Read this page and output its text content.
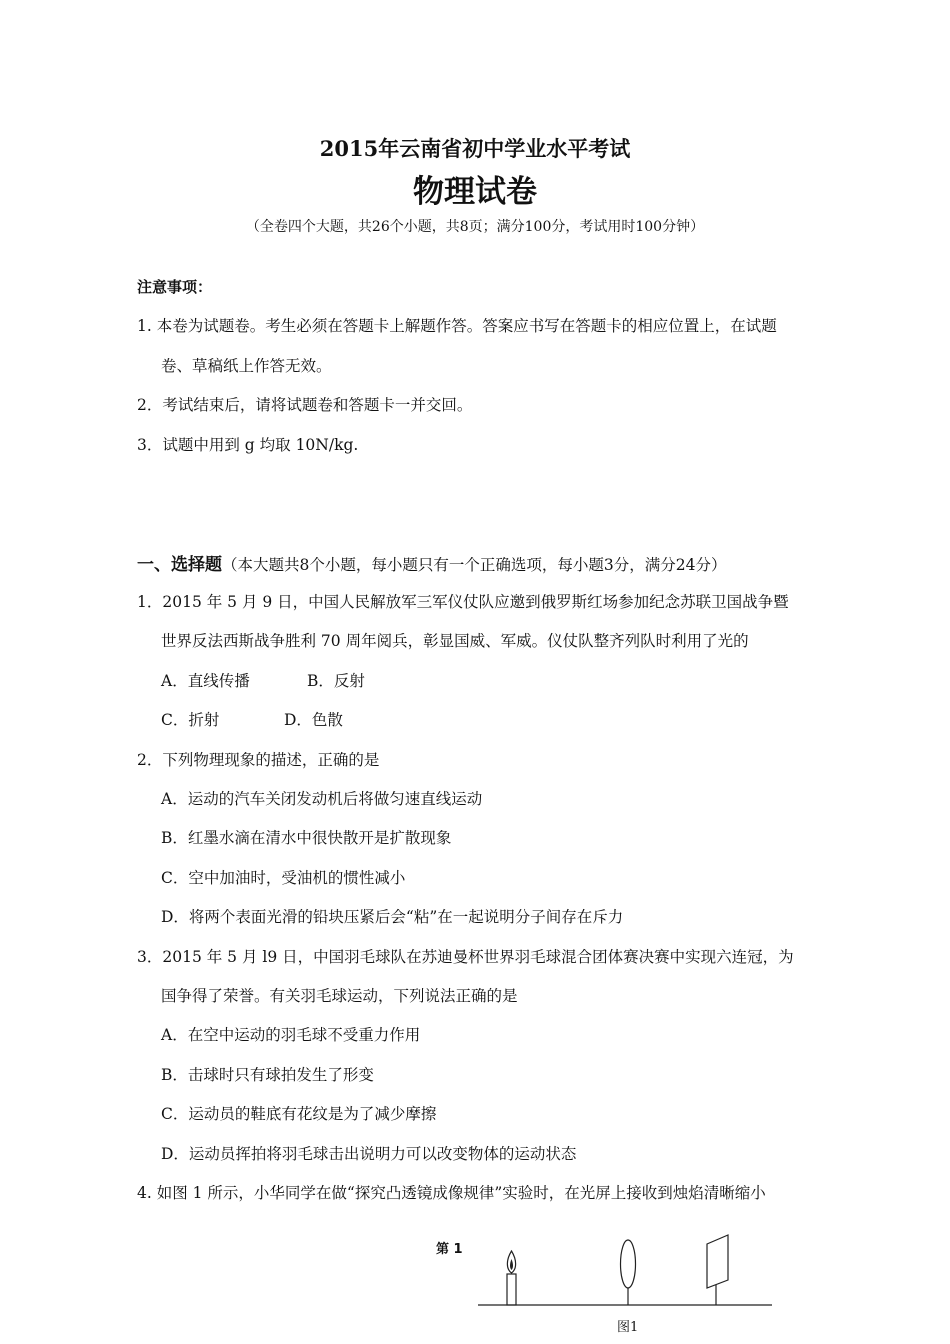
2015年云南省初中学业水平考试
物理试卷
（全卷四个大题，共26个小题，共8页；满分100分，考试用时100分钟）
注意事项：
1. 本卷为试题卷。考生必须在答题卡上解题作答。答案应书写在答题卡的相应位置上，在试题
卷、草稿纸上作答无效。
2．考试结束后，请将试题卷和答题卡一并交回。
3．试题中用到 g 均取 10N/kg.
一、选择题（本大题共8个小题，每小题只有一个正确选项，每小题3分，满分24分）
1．2015 年 5 月 9 日，中国人民解放军三军仪仗队应邀到俄罗斯红场参加纪念苏联卫国战争暨
世界反法西斯战争胜利 70 周年阅兵，彰显国威、军威。仪仗队整齐列队时利用了光的
A．直线传播	B．反射
C．折射	D．色散
2．下列物理现象的描述，正确的是
A．运动的汽车关闭发动机后将做匀速直线运动
B．红墨水滴在清水中很快散开是扩散现象
C．空中加油时，受油机的惯性减小
D．将两个表面光滑的铅块压紧后会“粘”在一起说明分子间存在斥力
3．2015 年 5 月 l9 日，中国羽毛球队在苏迪曼杯世界羽毛球混合团体赛决赛中实现六连冠，为
国争得了荣誉。有关羽毛球运动，下列说法正确的是
A．在空中运动的羽毛球不受重力作用
B．击球时只有球拍发生了形变
C．运动员的鞋底有花纹是为了减少摩擦
D．运动员挥拍将羽毛球击出说明力可以改变物体的运动状态
4. 如图 1 所示，小华同学在做“探究凸透镜成像规律”实验时，在光屏上接收到烛焰清晰缩小
第 1
图1
